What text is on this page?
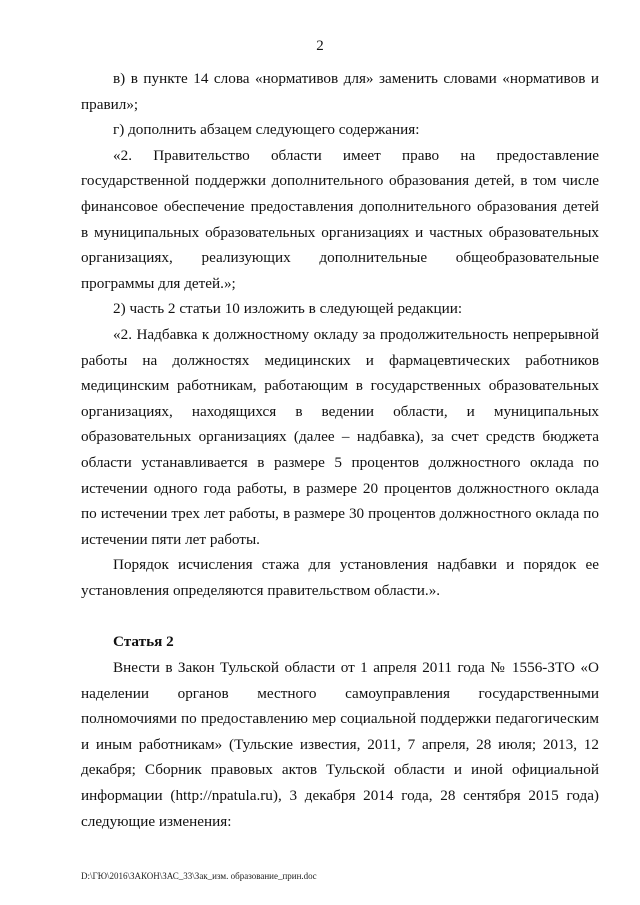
2

в) в пункте 14 слова «нормативов для» заменить словами «нормативов и правил»;

г) дополнить абзацем следующего содержания:

«2. Правительство области имеет право на предоставление государственной поддержки дополнительного образования детей, в том числе финансовое обеспечение предоставления дополнительного образования детей в муниципальных образовательных организациях и частных образовательных организациях, реализующих дополнительные общеобразовательные программы для детей.»;

2) часть 2 статьи 10 изложить в следующей редакции:

«2. Надбавка к должностному окладу за продолжительность непрерывной работы на должностях медицинских и фармацевтических работников медицинским работникам, работающим в государственных образовательных организациях, находящихся в ведении области, и муниципальных образовательных организациях (далее – надбавка), за счет средств бюджета области устанавливается в размере 5 процентов должностного оклада по истечении одного года работы, в размере 20 процентов должностного оклада по истечении трех лет работы, в размере 30 процентов должностного оклада по истечении пяти лет работы.

Порядок исчисления стажа для установления надбавки и порядок ее установления определяются правительством области.».

Статья 2

Внести в Закон Тульской области от 1 апреля 2011 года № 1556-ЗТО «О наделении органов местного самоуправления государственными полномочиями по предоставлению мер социальной поддержки педагогическим и иным работникам» (Тульские известия, 2011, 7 апреля, 28 июля; 2013, 12 декабря; Сборник правовых актов Тульской области и иной официальной информации (http://npatula.ru), 3 декабря 2014 года, 28 сентября 2015 года) следующие изменения:

D:\ГЮ\2016\ЗАКОН\ЗАС_33\Зак_изм. образование_прин.doc
